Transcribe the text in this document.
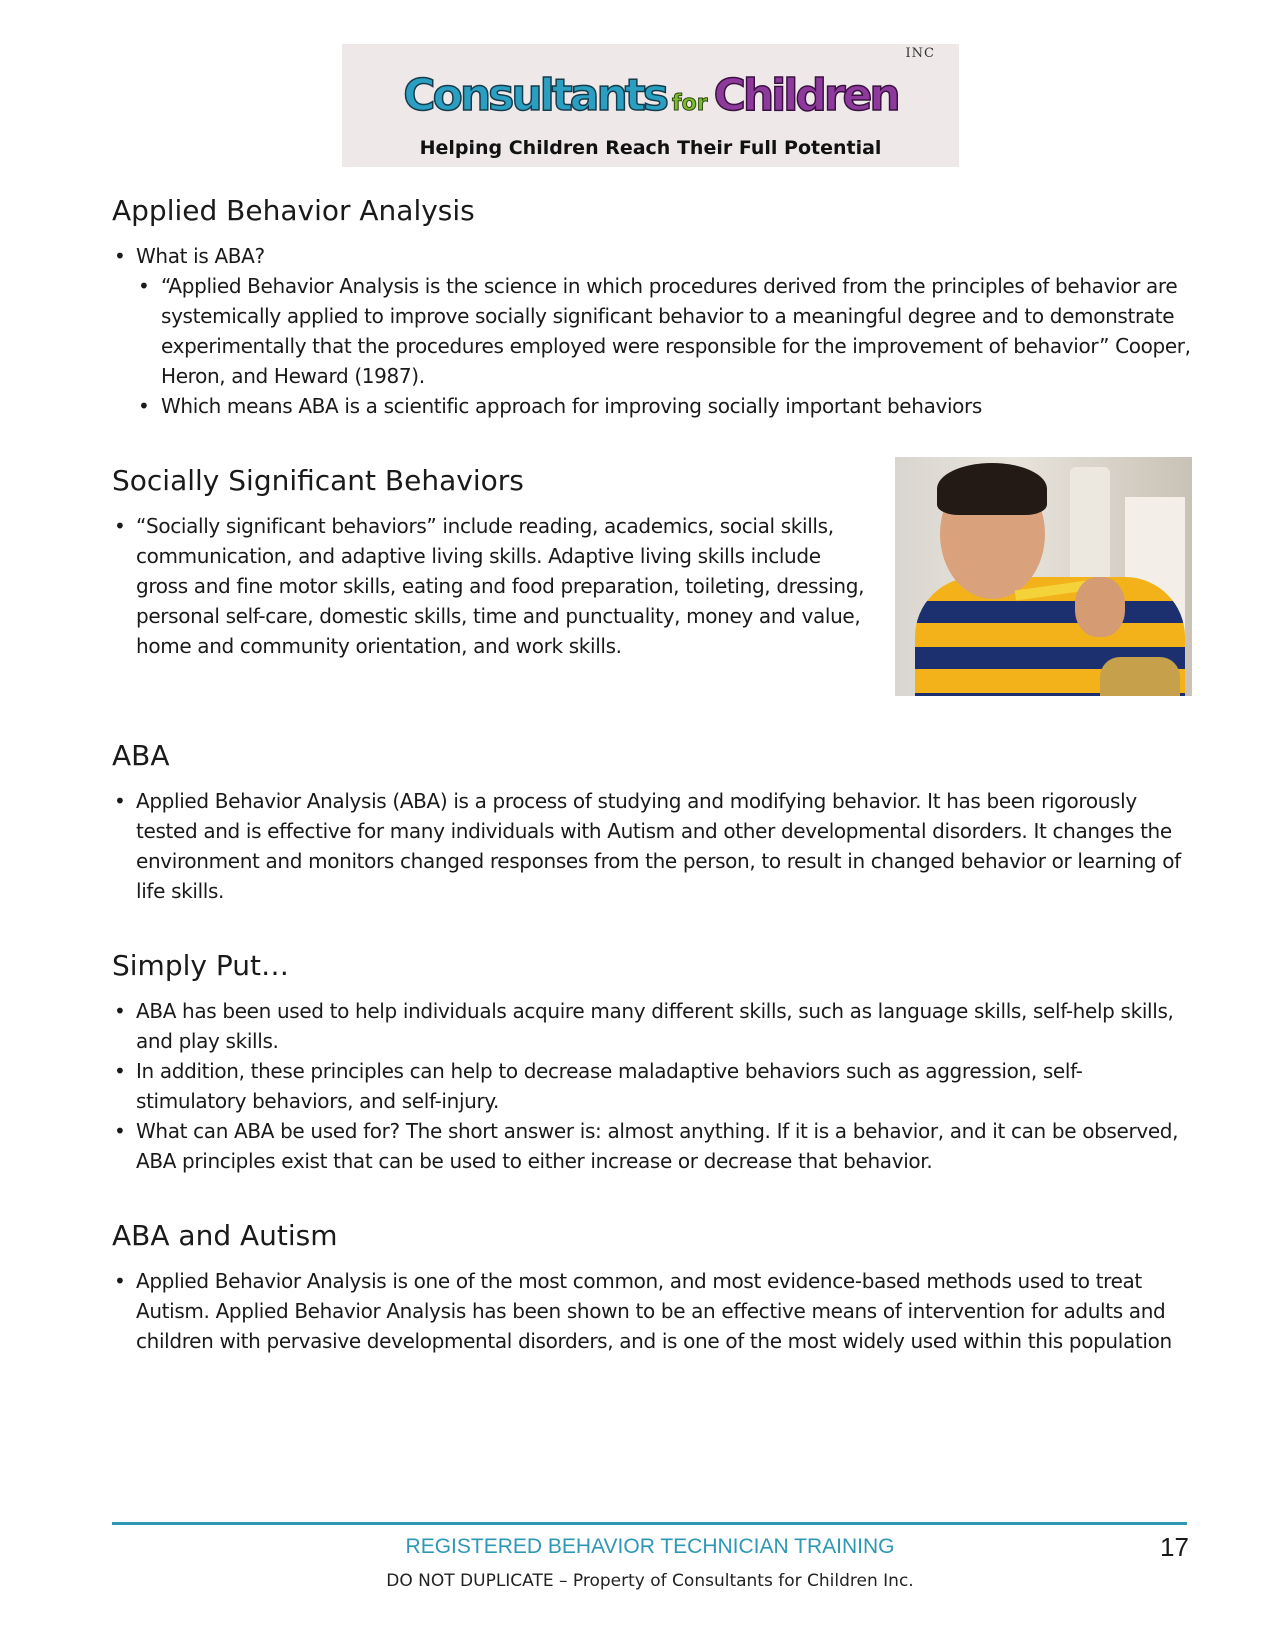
INC
Consultants for Children
Helping Children Reach Their Full Potential
Applied Behavior Analysis
• What is ABA?
• “Applied Behavior Analysis is the science in which procedures derived from the principles of behavior are systemically applied to improve socially significant behavior to a meaningful degree and to demonstrate experimentally that the procedures employed were responsible for the improvement of behavior” Cooper, Heron, and Heward (1987).
• Which means ABA is a scientific approach for improving socially important behaviors
Socially Significant Behaviors
• “Socially significant behaviors” include reading, academics, social skills, communication, and adaptive living skills. Adaptive living skills include gross and fine motor skills, eating and food preparation, toileting, dressing, personal self-care, domestic skills, time and punctuality, money and value, home and community orientation, and work skills.
ABA
• Applied Behavior Analysis (ABA) is a process of studying and modifying behavior. It has been rigorously tested and is effective for many individuals with Autism and other developmental disorders. It changes the environment and monitors changed responses from the person, to result in changed behavior or learning of life skills.
Simply Put…
• ABA has been used to help individuals acquire many different skills, such as language skills, self-help skills, and play skills.
• In addition, these principles can help to decrease maladaptive behaviors such as aggression, self-stimulatory behaviors, and self-injury.
• What can ABA be used for? The short answer is: almost anything. If it is a behavior, and it can be observed, ABA principles exist that can be used to either increase or decrease that behavior.
ABA and Autism
• Applied Behavior Analysis is one of the most common, and most evidence-based methods used to treat Autism. Applied Behavior Analysis has been shown to be an effective means of intervention for adults and children with pervasive developmental disorders, and is one of the most widely used within this population
REGISTERED BEHAVIOR TECHNICIAN TRAINING
DO NOT DUPLICATE – Property of Consultants for Children Inc.
17
